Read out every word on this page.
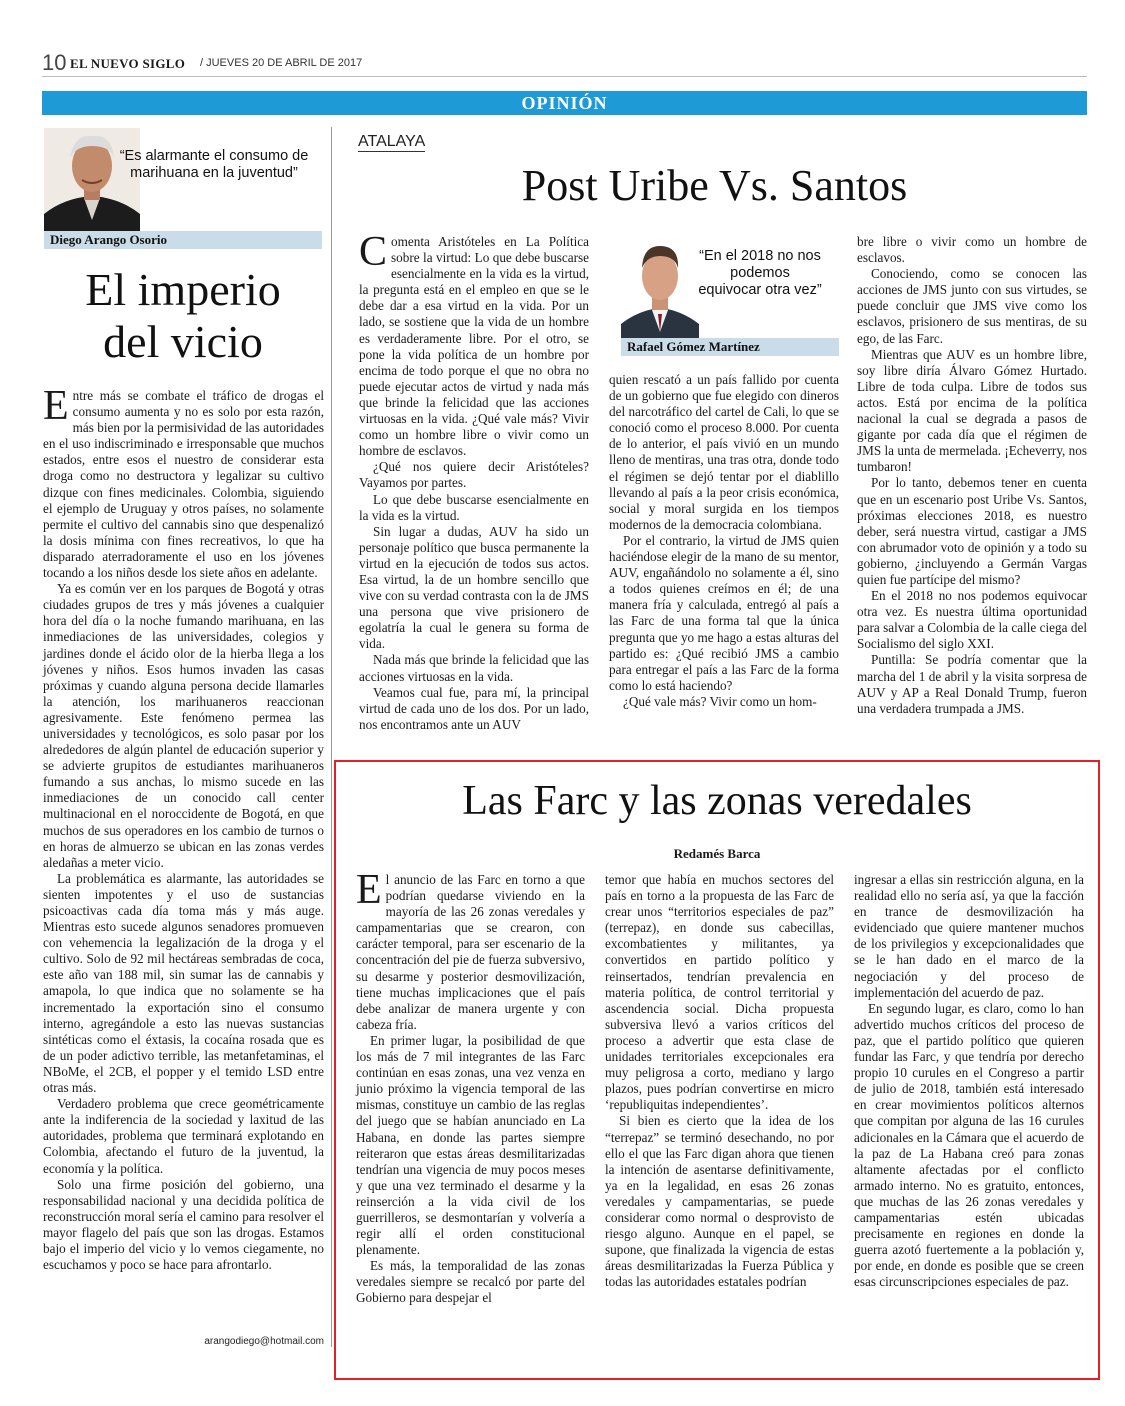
10 EL NUEVO SIGLO / JUEVES 20 DE ABRIL DE 2017
OPINIÓN
“Es alarmante el consumo de marihuana en la juventud”
Diego Arango Osorio
El imperio
del vicio

Entre más se combate el tráfico de drogas el consumo aumenta y no es solo por esta razón, más bien por la permisividad de las autoridades en el uso indiscriminado e irresponsable que muchos estados, entre esos el nuestro de considerar esta droga como no destructora y legalizar su cultivo dizque con fines medicinales. Colombia, siguiendo el ejemplo de Uruguay y otros países, no solamente permite el cultivo del cannabis sino que despenalizó la dosis mínima con fines recreativos, lo que ha disparado aterradoramente el uso en los jóvenes tocando a los niños desde los siete años en adelante.

Ya es común ver en los parques de Bogotá y otras ciudades grupos de tres y más jóvenes a cualquier hora del día o la noche fumando marihuana, en las inmediaciones de las universidades, colegios y jardines donde el ácido olor de la hierba llega a los jóvenes y niños. Esos humos invaden las casas próximas y cuando alguna persona decide llamarles la atención, los marihuaneros reaccionan agresivamente. Este fenómeno permea las universidades y tecnológicos, es solo pasar por los alrededores de algún plantel de educación superior y se advierte grupitos de estudiantes marihuaneros fumando a sus anchas, lo mismo sucede en las inmediaciones de un conocido call center multinacional en el noroccidente de Bogotá, en que muchos de sus operadores en los cambio de turnos o en horas de almuerzo se ubican en las zonas verdes aledañas a meter vicio.

La problemática es alarmante, las autoridades se sienten impotentes y el uso de sustancias psicoactivas cada día toma más y más auge. Mientras esto sucede algunos senadores promueven con vehemencia la legalización de la droga y el cultivo. Solo de 92 mil hectáreas sembradas de coca, este año van 188 mil, sin sumar las de cannabis y amapola, lo que indica que no solamente se ha incrementado la exportación sino el consumo interno, agregándole a esto las nuevas sustancias sintéticas como el éxtasis, la cocaína rosada que es de un poder adictivo terrible, las metanfetaminas, el NBoMe, el 2CB, el popper y el temido LSD entre otras más.

Verdadero problema que crece geométricamente ante la indiferencia de la sociedad y laxitud de las autoridades, problema que terminará explotando en Colombia, afectando el futuro de la juventud, la economía y la política.

Solo una firme posición del gobierno, una responsabilidad nacional y una decidida política de reconstrucción moral sería el camino para resolver el mayor flagelo del país que son las drogas. Estamos bajo el imperio del vicio y lo vemos ciegamente, no escuchamos y poco se hace para afrontarlo.

arangodiego@hotmail.com
ATALAYA
Post Uribe Vs. Santos

Comenta Aristóteles en La Política sobre la virtud: Lo que debe buscarse esencialmente en la vida es la virtud, la pregunta está en el empleo en que se le debe dar a esa virtud en la vida. Por un lado, se sostiene que la vida de un hombre es verdaderamente libre. Por el otro, se pone la vida política de un hombre por encima de todo porque el que no obra no puede ejecutar actos de virtud y nada más que brinde la felicidad que las acciones virtuosas en la vida. ¿Qué vale más? Vivir como un hombre libre o vivir como un hombre de esclavos.

¿Qué nos quiere decir Aristóteles? Vayamos por partes.

Lo que debe buscarse esencialmente en la vida es la virtud.

Sin lugar a dudas, AUV ha sido un personaje político que busca permanente la virtud en la ejecución de todos sus actos. Esa virtud, la de un hombre sencillo que vive con su verdad contrasta con la de JMS una persona que vive prisionero de egolatría la cual le genera su forma de vida.

Nada más que brinde la felicidad que las acciones virtuosas en la vida.

Veamos cual fue, para mí, la principal virtud de cada uno de los dos. Por un lado, nos encontramos ante un AUV

“En el 2018 no nos podemos equivocar otra vez”
Rafael Gómez Martínez

quien rescató a un país fallido por cuenta de un gobierno que fue elegido con dineros del narcotráfico del cartel de Cali, lo que se conoció como el proceso 8.000. Por cuenta de lo anterior, el país vivió en un mundo lleno de mentiras, una tras otra, donde todo el régimen se dejó tentar por el diablillo llevando al país a la peor crisis económica, social y moral surgida en los tiempos modernos de la democracia colombiana.

Por el contrario, la virtud de JMS quien haciéndose elegir de la mano de su mentor, AUV, engañándolo no solamente a él, sino a todos quienes creímos en él; de una manera fría y calculada, entregó al país a las Farc de una forma tal que la única pregunta que yo me hago a estas alturas del partido es: ¿Qué recibió JMS a cambio para entregar el país a las Farc de la forma como lo está haciendo?

¿Qué vale más? Vivir como un hom-

bre libre o vivir como un hombre de esclavos.

Conociendo, como se conocen las acciones de JMS junto con sus virtudes, se puede concluir que JMS vive como los esclavos, prisionero de sus mentiras, de su ego, de las Farc.

Mientras que AUV es un hombre libre, soy libre diría Álvaro Gómez Hurtado. Libre de toda culpa. Libre de todos sus actos. Está por encima de la política nacional la cual se degrada a pasos de gigante por cada día que el régimen de JMS la unta de mermelada. ¡Echeverry, nos tumbaron!

Por lo tanto, debemos tener en cuenta que en un escenario post Uribe Vs. Santos, próximas elecciones 2018, es nuestro deber, será nuestra virtud, castigar a JMS con abrumador voto de opinión y a todo su gobierno, ¿incluyendo a Germán Vargas quien fue partícipe del mismo?

En el 2018 no nos podemos equivocar otra vez. Es nuestra última oportunidad para salvar a Colombia de la calle ciega del Socialismo del siglo XXI.

Puntilla: Se podría comentar que la marcha del 1 de abril y la visita sorpresa de AUV y AP a Real Donald Trump, fueron una verdadera trumpada a JMS.

Las Farc y las zonas veredales
Redamés Barca

El anuncio de las Farc en torno a que podrían quedarse viviendo en la mayoría de las 26 zonas veredales y campamentarias que se crearon, con carácter temporal, para ser escenario de la concentración del pie de fuerza subversivo, su desarme y posterior desmovilización, tiene muchas implicaciones que el país debe analizar de manera urgente y con cabeza fría.

En primer lugar, la posibilidad de que los más de 7 mil integrantes de las Farc continúan en esas zonas, una vez venza en junio próximo la vigencia temporal de las mismas, constituye un cambio de las reglas del juego que se habían anunciado en La Habana, en donde las partes siempre reiteraron que estas áreas desmilitarizadas tendrían una vigencia de muy pocos meses y que una vez terminado el desarme y la reinserción a la vida civil de los guerrilleros, se desmontarían y volvería a regir allí el orden constitucional plenamente.

Es más, la temporalidad de las zonas veredales siempre se recalcó por parte del Gobierno para despejar el

temor que había en muchos sectores del país en torno a la propuesta de las Farc de crear unos “territorios especiales de paz” (terrepaz), en donde sus cabecillas, excombatientes y militantes, ya convertidos en partido político y reinsertados, tendrían prevalencia en materia política, de control territorial y ascendencia social. Dicha propuesta subversiva llevó a varios críticos del proceso a advertir que esta clase de unidades territoriales excepcionales era muy peligrosa a corto, mediano y largo plazos, pues podrían convertirse en micro ‘republiquitas independientes’.

Si bien es cierto que la idea de los “terrepaz” se terminó desechando, no por ello el que las Farc digan ahora que tienen la intención de asentarse definitivamente, ya en la legalidad, en esas 26 zonas veredales y campamentarias, se puede considerar como normal o desprovisto de riesgo alguno. Aunque en el papel, se supone, que finalizada la vigencia de estas áreas desmilitarizadas la Fuerza Pública y todas las autoridades estatales podrían

ingresar a ellas sin restricción alguna, en la realidad ello no sería así, ya que la facción en trance de desmovilización ha evidenciado que quiere mantener muchos de los privilegios y excepcionalidades que se le han dado en el marco de la negociación y del proceso de implementación del acuerdo de paz.

En segundo lugar, es claro, como lo han advertido muchos críticos del proceso de paz, que el partido político que quieren fundar las Farc, y que tendría por derecho propio 10 curules en el Congreso a partir de julio de 2018, también está interesado en crear movimientos políticos alternos que compitan por alguna de las 16 curules adicionales en la Cámara que el acuerdo de la paz de La Habana creó para zonas altamente afectadas por el conflicto armado interno. No es gratuito, entonces, que muchas de las 26 zonas veredales y campamentarias estén ubicadas precisamente en regiones en donde la guerra azotó fuertemente a la población y, por ende, en donde es posible que se creen esas circunscripciones especiales de paz.
